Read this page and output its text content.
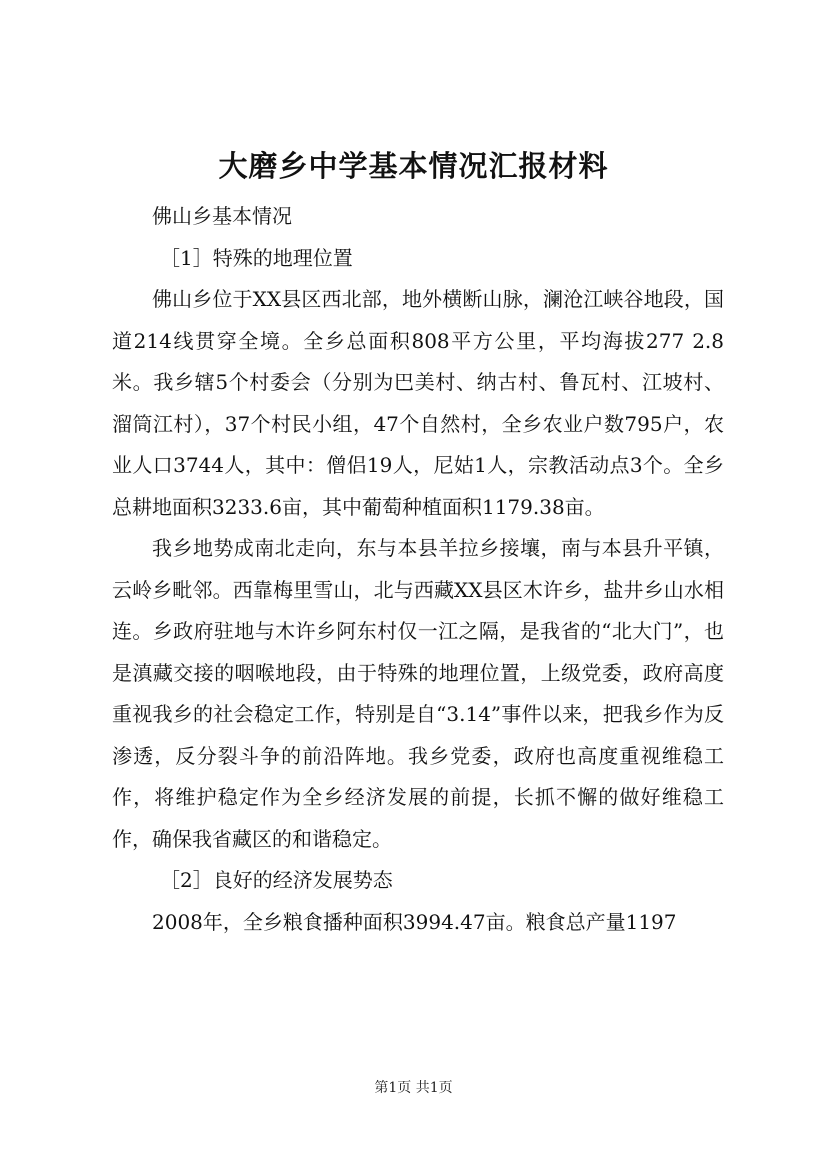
大磨乡中学基本情况汇报材料

佛山乡基本情况

［1］特殊的地理位置

佛山乡位于XX县区西北部，地外横断山脉，澜沧江峡谷地段，国道214线贯穿全境。全乡总面积808平方公里，平均海拔277 2.8米。我乡辖5个村委会（分别为巴美村、纳古村、鲁瓦村、江坡村、溜筒江村），37个村民小组，47个自然村，全乡农业户数795户，农业人口3744人，其中：僧侣19人，尼姑1人，宗教活动点3个。全乡总耕地面积3233.6亩，其中葡萄种植面积1179.38亩。

我乡地势成南北走向，东与本县羊拉乡接壤，南与本县升平镇，云岭乡毗邻。西靠梅里雪山，北与西藏XX县区木许乡，盐井乡山水相连。乡政府驻地与木许乡阿东村仅一江之隔，是我省的“北大门”，也是滇藏交接的咽喉地段，由于特殊的地理位置，上级党委，政府高度重视我乡的社会稳定工作，特别是自“3.14”事件以来，把我乡作为反渗透，反分裂斗争的前沿阵地。我乡党委，政府也高度重视维稳工作，将维护稳定作为全乡经济发展的前提，长抓不懈的做好维稳工作，确保我省藏区的和谐稳定。

［2］良好的经济发展势态

2008年，全乡粮食播种面积3994.47亩。粮食总产量1197

第1页 共1页
